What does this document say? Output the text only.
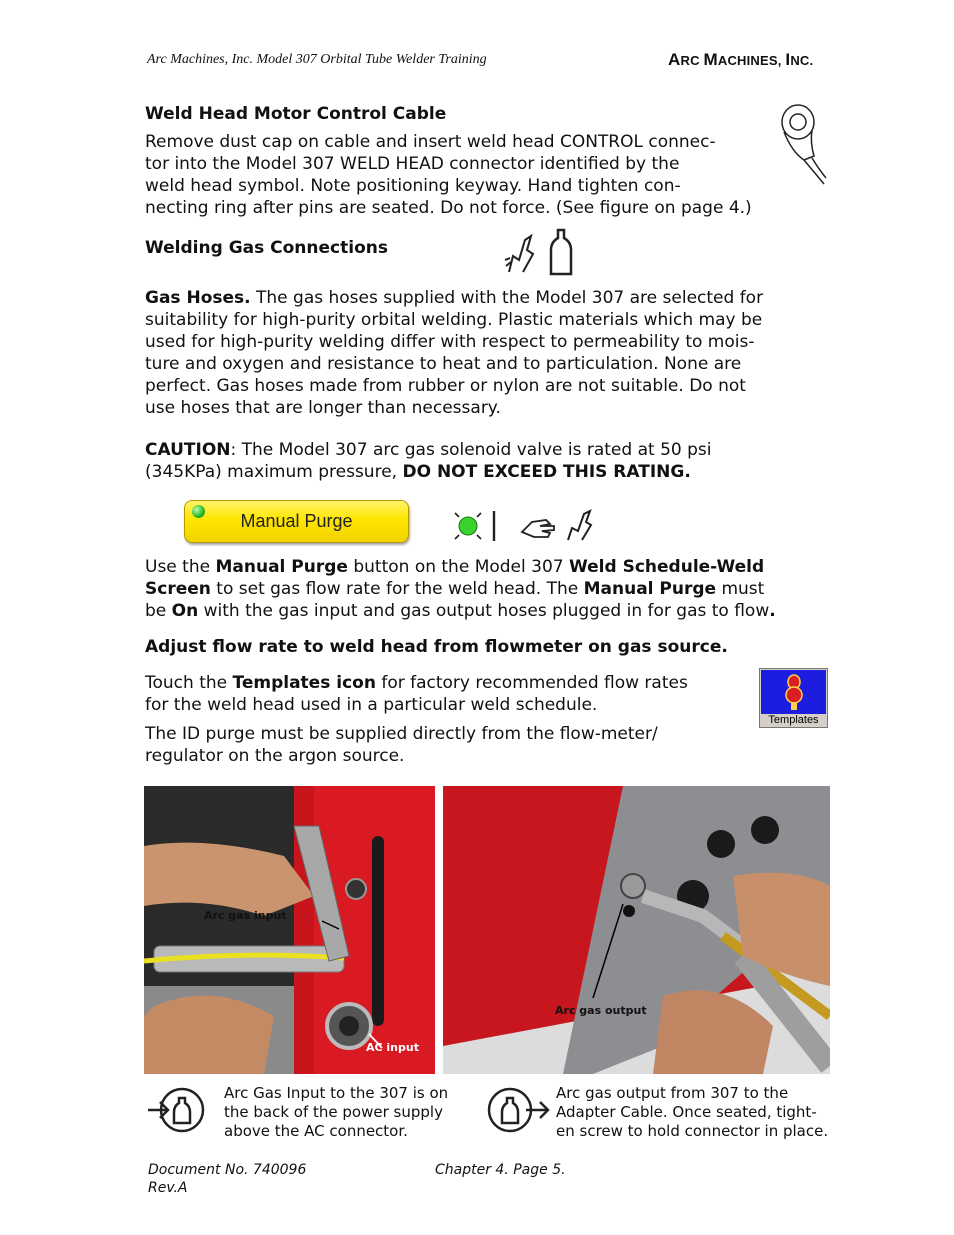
Arc Machines, Inc. Model 307 Orbital Tube Welder Training	ARC MACHINES, INC.
Weld Head Motor Control Cable

Remove dust cap on cable and insert weld head CONTROL connec-

tor into the Model 307 WELD HEAD connector identified by the

weld head symbol. Note positioning keyway. Hand tighten con-

necting ring after pins are seated. Do not force. (See figure on page 4.)

Welding Gas Connections

Gas Hoses. The gas hoses supplied with the Model 307 are selected for

suitability for high-purity orbital welding. Plastic materials which may be

used for high-purity welding differ with respect to permeability to mois-

ture and oxygen and resistance to heat and to particulation. None are

perfect. Gas hoses made from rubber or nylon are not suitable. Do not

use hoses that are longer than necessary.

CAUTION: The Model 307 arc gas solenoid valve is rated at 50 psi

(345KPa) maximum pressure, DO NOT EXCEED THIS RATING.

Manual Purge

Use the Manual Purge button on the Model 307 Weld Schedule-Weld

Screen to set gas flow rate for the weld head. The Manual Purge must

be On with the gas input and gas output hoses plugged in for gas to flow.

Adjust flow rate to weld head from flowmeter on gas source.

Touch the Templates icon for factory recommended flow rates

for the weld head used in a particular weld schedule.

Templates

The ID purge must be supplied directly from the flow-meter/

regulator on the argon source.

Arc gas input
AC input
Arc gas output
Arc Gas Input to the 307 is on
the back of the power supply
above the AC connector.
Arc gas output from 307 to the
Adapter Cable. Once seated, tight-
en screw to hold connector in place.
Document No. 740096
Rev.A
Chapter 4. Page 5.
